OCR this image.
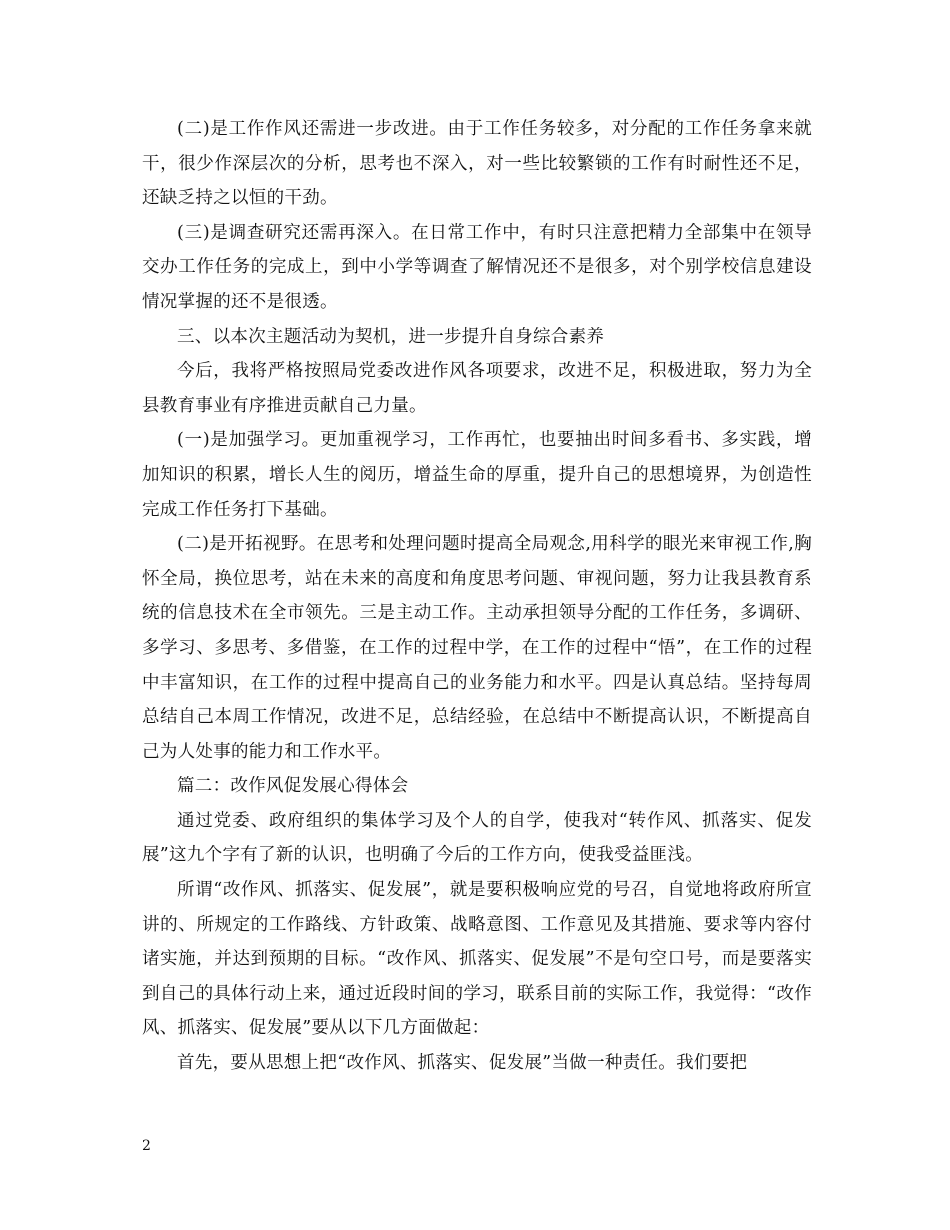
(二)是工作作风还需进一步改进。由于工作任务较多，对分配的工作任务拿来就干，很少作深层次的分析，思考也不深入，对一些比较繁锁的工作有时耐性还不足，还缺乏持之以恒的干劲。

(三)是调查研究还需再深入。在日常工作中，有时只注意把精力全部集中在领导交办工作任务的完成上，到中小学等调查了解情况还不是很多，对个别学校信息建设情况掌握的还不是很透。

三、以本次主题活动为契机，进一步提升自身综合素养

今后，我将严格按照局党委改进作风各项要求，改进不足，积极进取，努力为全县教育事业有序推进贡献自己力量。

(一)是加强学习。更加重视学习，工作再忙，也要抽出时间多看书、多实践，增加知识的积累，增长人生的阅历，增益生命的厚重，提升自己的思想境界，为创造性完成工作任务打下基础。

(二)是开拓视野。在思考和处理问题时提高全局观念,用科学的眼光来审视工作,胸怀全局，换位思考，站在未来的高度和角度思考问题、审视问题，努力让我县教育系统的信息技术在全市领先。三是主动工作。主动承担领导分配的工作任务，多调研、多学习、多思考、多借鉴，在工作的过程中学，在工作的过程中“悟”，在工作的过程中丰富知识，在工作的过程中提高自己的业务能力和水平。四是认真总结。坚持每周总结自己本周工作情况，改进不足，总结经验，在总结中不断提高认识，不断提高自己为人处事的能力和工作水平。

篇二：改作风促发展心得体会

通过党委、政府组织的集体学习及个人的自学，使我对“转作风、抓落实、促发展”这九个字有了新的认识，也明确了今后的工作方向，使我受益匪浅。

所谓“改作风、抓落实、促发展”，就是要积极响应党的号召，自觉地将政府所宣讲的、所规定的工作路线、方针政策、战略意图、工作意见及其措施、要求等内容付诸实施，并达到预期的目标。“改作风、抓落实、促发展”不是句空口号，而是要落实到自己的具体行动上来，通过近段时间的学习，联系目前的实际工作，我觉得：“改作风、抓落实、促发展”要从以下几方面做起：

首先，要从思想上把“改作风、抓落实、促发展”当做一种责任。我们要把

2
